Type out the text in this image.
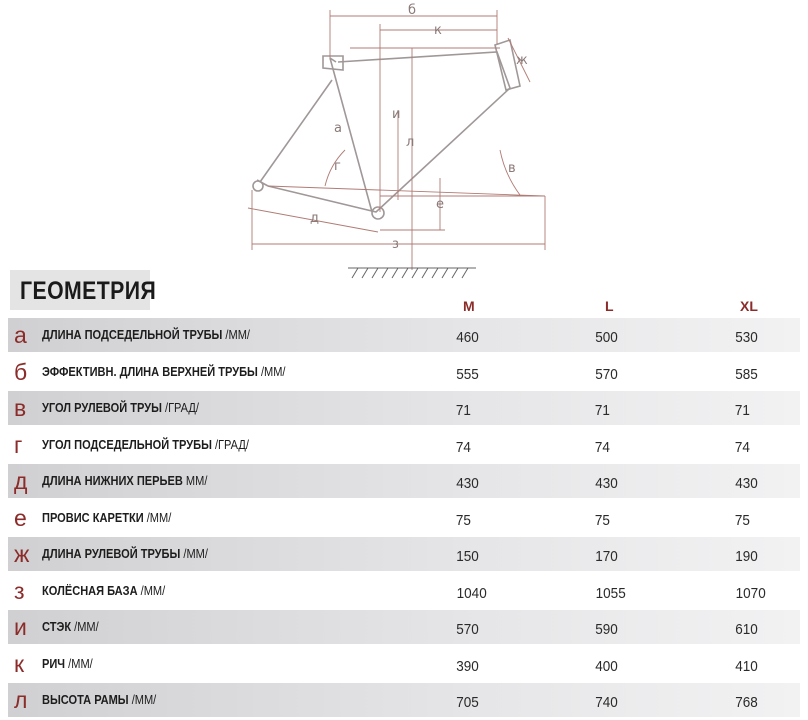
б
к
ж
и
л
а
в
г
е
д
з
ГЕОМЕТРИЯ
M	L	XL
а ДЛИНА ПОДСЕДЕЛЬНОЙ ТРУБЫ /ММ/	460	500	530
б ЭФФЕКТИВН. ДЛИНА ВЕРХНЕЙ ТРУБЫ /ММ/	555	570	585
в УГОЛ РУЛЕВОЙ ТРУЫ /ГРАД/	71	71	71
г УГОЛ ПОДСЕДЕЛЬНОЙ ТРУБЫ /ГРАД/	74	74	74
д ДЛИНА НИЖНИХ ПЕРЬЕВ ММ/	430	430	430
е ПРОВИС КАРЕТКИ /ММ/	75	75	75
ж ДЛИНА РУЛЕВОЙ ТРУБЫ /ММ/	150	170	190
з КОЛЁСНАЯ БАЗА /ММ/	1040	1055	1070
и СТЭК /ММ/	570	590	610
к РИЧ /ММ/	390	400	410
л ВЫСОТА РАМЫ /ММ/	705	740	768
